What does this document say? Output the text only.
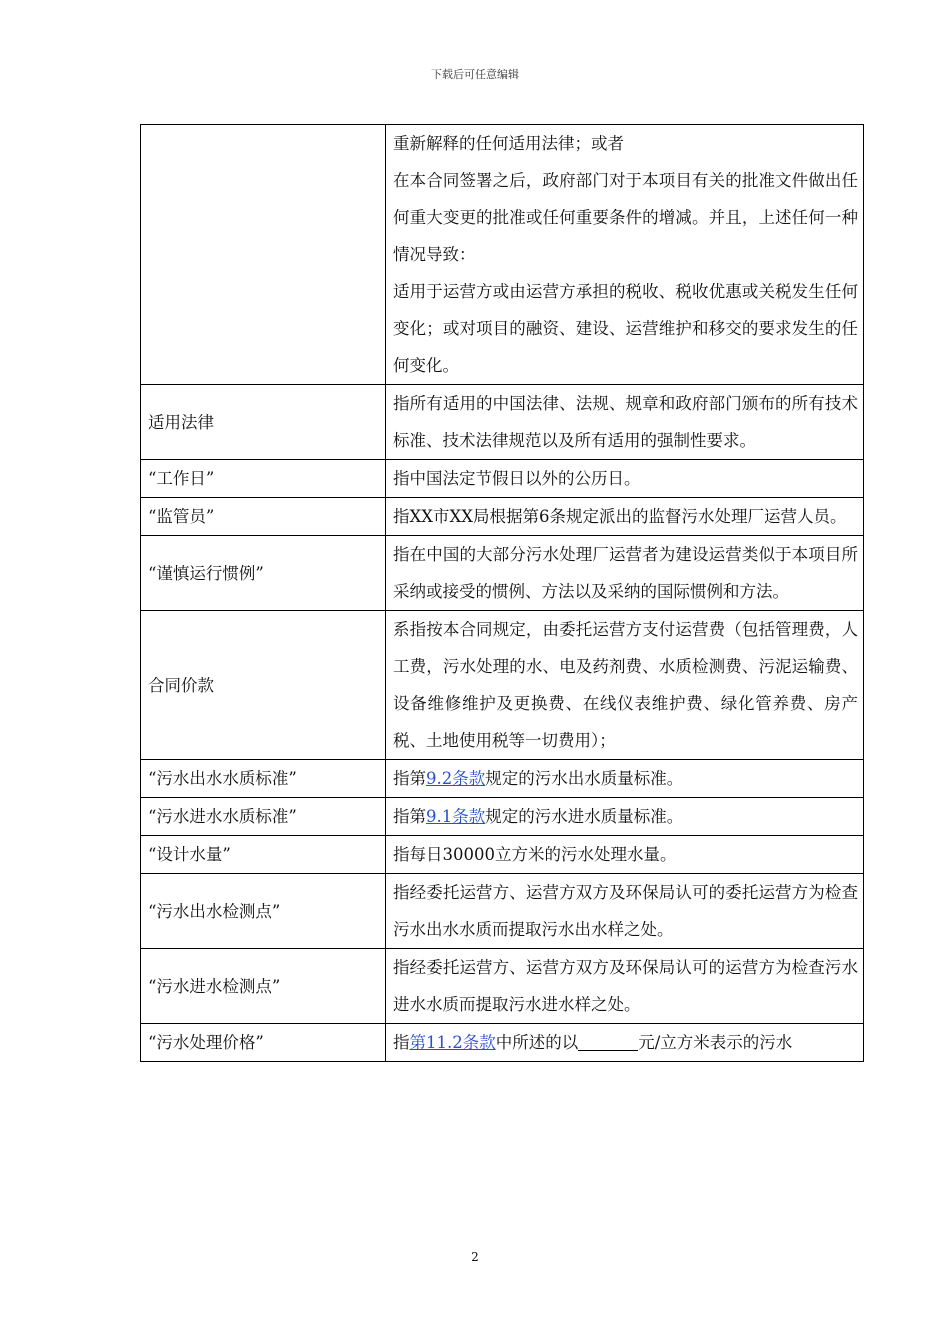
下载后可任意编辑

	重新解释的任何适用法律；或者
在本合同签署之后，政府部门对于本项目有关的批准文件做出任何重大变更的批准或任何重要条件的增减。并且，上述任何一种情况导致：
适用于运营方或由运营方承担的税收、税收优惠或关税发生任何变化；或对项目的融资、建设、运营维护和移交的要求发生的任何变化。

适用法律	指所有适用的中国法律、法规、规章和政府部门颁布的所有技术标准、技术法律规范以及所有适用的强制性要求。
“工作日”	指中国法定节假日以外的公历日。
“监管员”	指XX市XX局根据第6条规定派出的监督污水处理厂运营人员。
“谨慎运行惯例”	指在中国的大部分污水处理厂运营者为建设运营类似于本项目所采纳或接受的惯例、方法以及采纳的国际惯例和方法。
合同价款	系指按本合同规定，由委托运营方支付运营费（包括管理费，人工费，污水处理的水、电及药剂费、水质检测费、污泥运输费、设备维修维护及更换费、在线仪表维护费、绿化管养费、房产税、土地使用税等一切费用）；
“污水出水水质标准”	指第9.2条款规定的污水出水质量标准。
“污水进水水质标准”	指第9.1条款规定的污水进水质量标准。
“设计水量”	指每日30000立方米的污水处理水量。
“污水出水检测点”	指经委托运营方、运营方双方及环保局认可的委托运营方为检查污水出水水质而提取污水出水样之处。
“污水进水检测点”	指经委托运营方、运营方双方及环保局认可的运营方为检查污水进水水质而提取污水进水样之处。
“污水处理价格”	指第11.2条款中所述的以 元/立方米表示的污水
2
